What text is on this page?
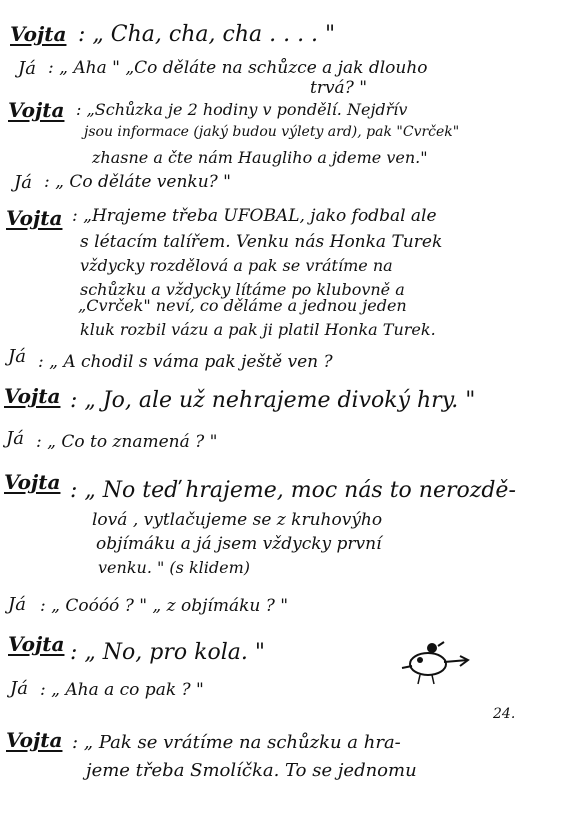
Vojta : „ Cha, cha, cha . . . . "
Já : „ Aha " „Co děláte na schůzce a jak dlouho
trvá? "
Vojta : „Schůzka je 2 hodiny v pondělí. Nejdřív
jsou informace (jaký budou výlety ard), pak "Cvrček"
zhasne a čte nám Haugliho a jdeme ven."
Já : „ Co děláte venku? "
Vojta : „Hrajeme třeba UFOBAL, jako fodbal ale
s létacím talířem. Venku nás Honka Turek
vždycky rozdělová a pak se vrátíme na
schůzku a vždycky lítáme po klubovně a
„Cvrček" neví, co děláme a jednou jeden
kluk rozbil vázu a pak ji platil Honka Turek.
Já : „ A chodil s váma pak ještě ven ?
Vojta : „ Jo, ale už nehrajeme divoký hry. "
Já : „ Co to znamená ? "
Vojta : „ No teď hrajeme, moc nás to nerozdě-
lová , vytlačujeme se z kruhovýho
objímáku a já jsem vždycky první
venku. " (s klidem)
Já : „ Coóóó ? " „ z objímáku ? "
Vojta : „ No, pro kola. "
Já : „ Aha a co pak ? "
24.
Vojta : „ Pak se vrátíme na schůzku a hra-
jeme třeba Smolíčka. To se jednomu
